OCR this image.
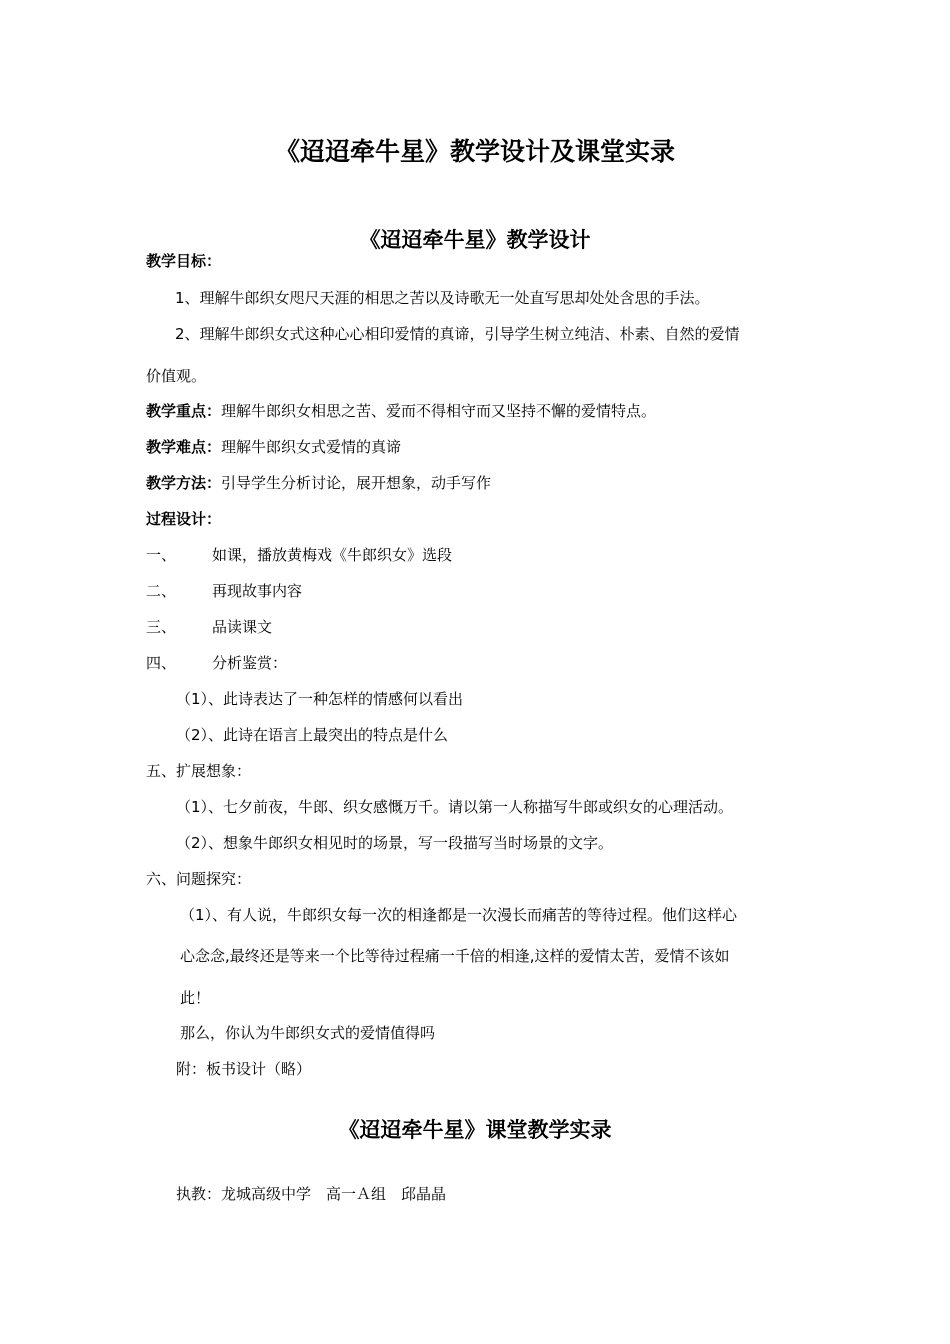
《迢迢牵牛星》教学设计及课堂实录
《迢迢牵牛星》教学设计
教学目标：
1、理解牛郎织女咫尺天涯的相思之苦以及诗歌无一处直写思却处处含思的手法。
2、理解牛郎织女式这种心心相印爱情的真谛，引导学生树立纯洁、朴素、自然的爱情
价值观。
教学重点：理解牛郎织女相思之苦、爱而不得相守而又坚持不懈的爱情特点。
教学难点：理解牛郎织女式爱情的真谛
教学方法：引导学生分析讨论，展开想象，动手写作
过程设计：
一、 如课，播放黄梅戏《牛郎织女》选段
二、 再现故事内容
三、 品读课文
四、 分析鉴赏：
（1）、此诗表达了一种怎样的情感何以看出
（2）、此诗在语言上最突出的特点是什么
五、扩展想象：
（1）、七夕前夜，牛郎、织女感慨万千。请以第一人称描写牛郎或织女的心理活动。
（2）、想象牛郎织女相见时的场景，写一段描写当时场景的文字。
六、问题探究：
（1）、有人说，牛郎织女每一次的相逢都是一次漫长而痛苦的等待过程。他们这样心
心念念,最终还是等来一个比等待过程痛一千倍的相逢,这样的爱情太苦，爱情不该如
此！
那么，你认为牛郎织女式的爱情值得吗
附：板书设计（略）
《迢迢牵牛星》课堂教学实录
执教：龙城高级中学　高一Ａ组　邱晶晶
